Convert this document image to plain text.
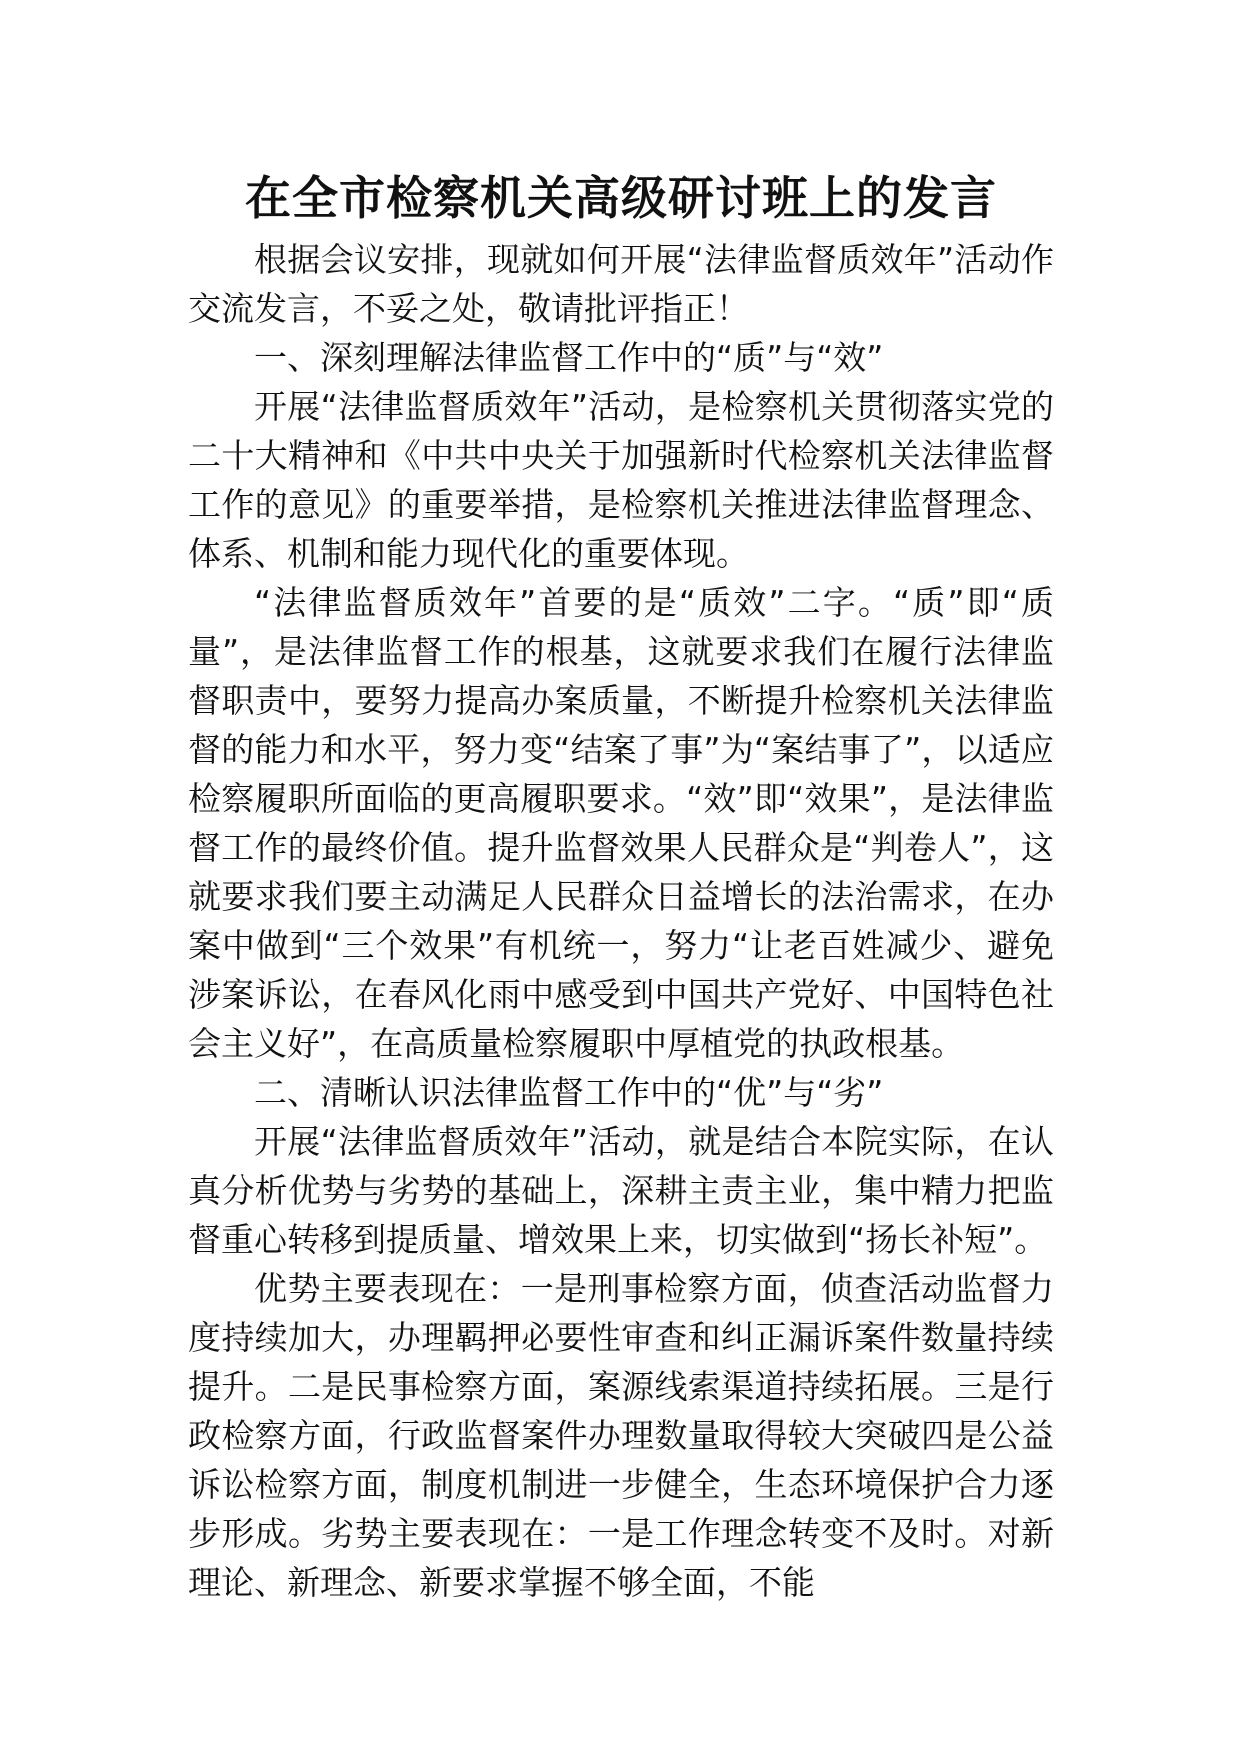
在全市检察机关高级研讨班上的发言

根据会议安排，现就如何开展“法律监督质效年”活动作交流发言，不妥之处，敬请批评指正！

一、深刻理解法律监督工作中的“质”与“效”

开展“法律监督质效年”活动，是检察机关贯彻落实党的二十大精神和《中共中央关于加强新时代检察机关法律监督工作的意见》的重要举措，是检察机关推进法律监督理念、体系、机制和能力现代化的重要体现。

“法律监督质效年”首要的是“质效”二字。“质”即“质量”，是法律监督工作的根基，这就要求我们在履行法律监督职责中，要努力提高办案质量，不断提升检察机关法律监督的能力和水平，努力变“结案了事”为“案结事了”，以适应检察履职所面临的更高履职要求。“效”即“效果”，是法律监督工作的最终价值。提升监督效果人民群众是“判卷人”，这就要求我们要主动满足人民群众日益增长的法治需求，在办案中做到“三个效果”有机统一，努力“让老百姓减少、避免涉案诉讼，在春风化雨中感受到中国共产党好、中国特色社会主义好”，在高质量检察履职中厚植党的执政根基。

二、清晰认识法律监督工作中的“优”与“劣”

开展“法律监督质效年”活动，就是结合本院实际，在认真分析优势与劣势的基础上，深耕主责主业，集中精力把监督重心转移到提质量、增效果上来，切实做到“扬长补短”。

优势主要表现在：一是刑事检察方面，侦查活动监督力度持续加大，办理羁押必要性审查和纠正漏诉案件数量持续提升。二是民事检察方面，案源线索渠道持续拓展。三是行政检察方面，行政监督案件办理数量取得较大突破四是公益诉讼检察方面，制度机制进一步健全，生态环境保护合力逐步形成。劣势主要表现在：一是工作理念转变不及时。对新理论、新理念、新要求掌握不够全面，不能
